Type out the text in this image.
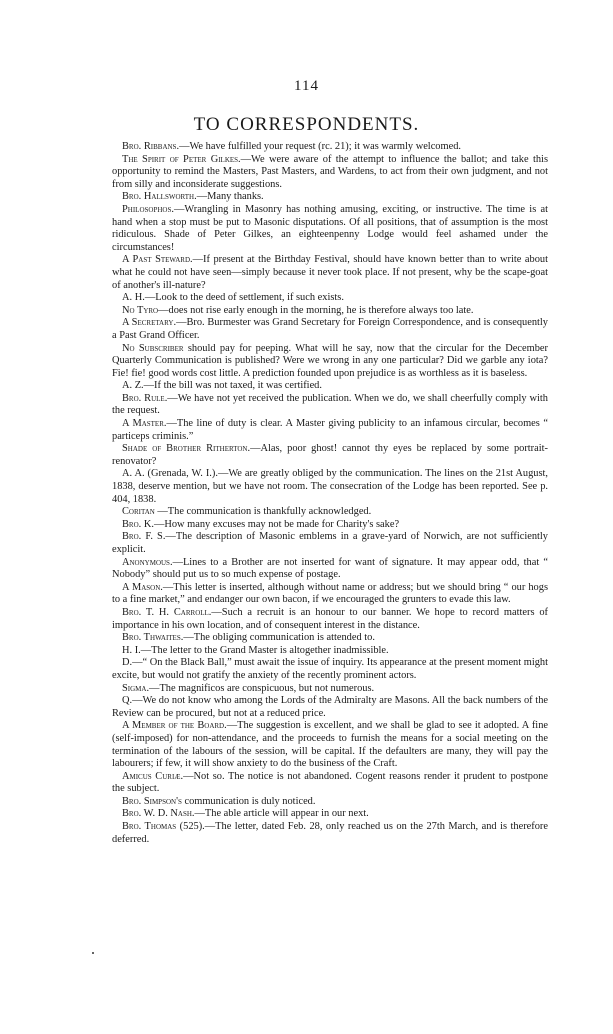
114
TO CORRESPONDENTS.

Bro. Ribbans.—We have fulfilled your request (rc. 21); it was warmly welcomed.

The Spirit of Peter Gilkes.—We were aware of the attempt to influence the ballot; and take this opportunity to remind the Masters, Past Masters, and Wardens, to act from their own judgment, and not from silly and inconsiderate suggestions.

Bro. Hallsworth.—Many thanks.

Philosophos.—Wrangling in Masonry has nothing amusing, exciting, or instructive. The time is at hand when a stop must be put to Masonic disputations. Of all positions, that of assumption is the most ridiculous. Shade of Peter Gilkes, an eighteenpenny Lodge would feel ashamed under the circumstances!

A Past Steward.—If present at the Birthday Festival, should have known better than to write about what he could not have seen—simply because it never took place. If not present, why be the scape-goat of another's ill-nature?

A. H.—Look to the deed of settlement, if such exists.

No Tyro—does not rise early enough in the morning, he is therefore always too late.

A Secretary.—Bro. Burmester was Grand Secretary for Foreign Correspondence, and is consequently a Past Grand Officer.

No Subscriber should pay for peeping. What will he say, now that the circular for the December Quarterly Communication is published? Were we wrong in any one particular? Did we garble any iota? Fie! fie! good words cost little. A prediction founded upon prejudice is as worthless as it is baseless.

A. Z.—If the bill was not taxed, it was certified.

Bro. Rule.—We have not yet received the publication. When we do, we shall cheerfully comply with the request.

A Master.—The line of duty is clear. A Master giving publicity to an infamous circular, becomes “ particeps criminis.”

Shade of Brother Ritherton.—Alas, poor ghost! cannot thy eyes be replaced by some portrait-renovator?

A. A. (Grenada, W. I.).—We are greatly obliged by the communication. The lines on the 21st August, 1838, deserve mention, but we have not room. The consecration of the Lodge has been reported. See p. 404, 1838.

Coritan —The communication is thankfully acknowledged.

Bro. K.—How many excuses may not be made for Charity's sake?

Bro. F. S.—The description of Masonic emblems in a grave-yard of Norwich, are not sufficiently explicit.

Anonymous.—Lines to a Brother are not inserted for want of signature. It may appear odd, that “ Nobody” should put us to so much expense of postage.

A Mason.—This letter is inserted, although without name or address; but we should bring “ our hogs to a fine market,” and endanger our own bacon, if we encouraged the grunters to evade this law.

Bro. T. H. Carroll.—Such a recruit is an honour to our banner. We hope to record matters of importance in his own location, and of consequent interest in the distance.

Bro. Thwaites.—The obliging communication is attended to.

H. I.—The letter to the Grand Master is altogether inadmissible.

D.—“ On the Black Ball,” must await the issue of inquiry. Its appearance at the present moment might excite, but would not gratify the anxiety of the recently prominent actors.

Sigma.—The magnificos are conspicuous, but not numerous.

Q.—We do not know who among the Lords of the Admiralty are Masons. All the back numbers of the Review can be procured, but not at a reduced price.

A Member of the Board.—The suggestion is excellent, and we shall be glad to see it adopted. A fine (self-imposed) for non-attendance, and the proceeds to furnish the means for a social meeting on the termination of the labours of the session, will be capital. If the defaulters are many, they will pay the labourers; if few, it will show anxiety to do the business of the Craft.

Amicus Curiæ.—Not so. The notice is not abandoned. Cogent reasons render it prudent to postpone the subject.

Bro. Simpson's communication is duly noticed.

Bro. W. D. Nash.—The able article will appear in our next.

Bro. Thomas (525).—The letter, dated Feb. 28, only reached us on the 27th March, and is therefore deferred.
